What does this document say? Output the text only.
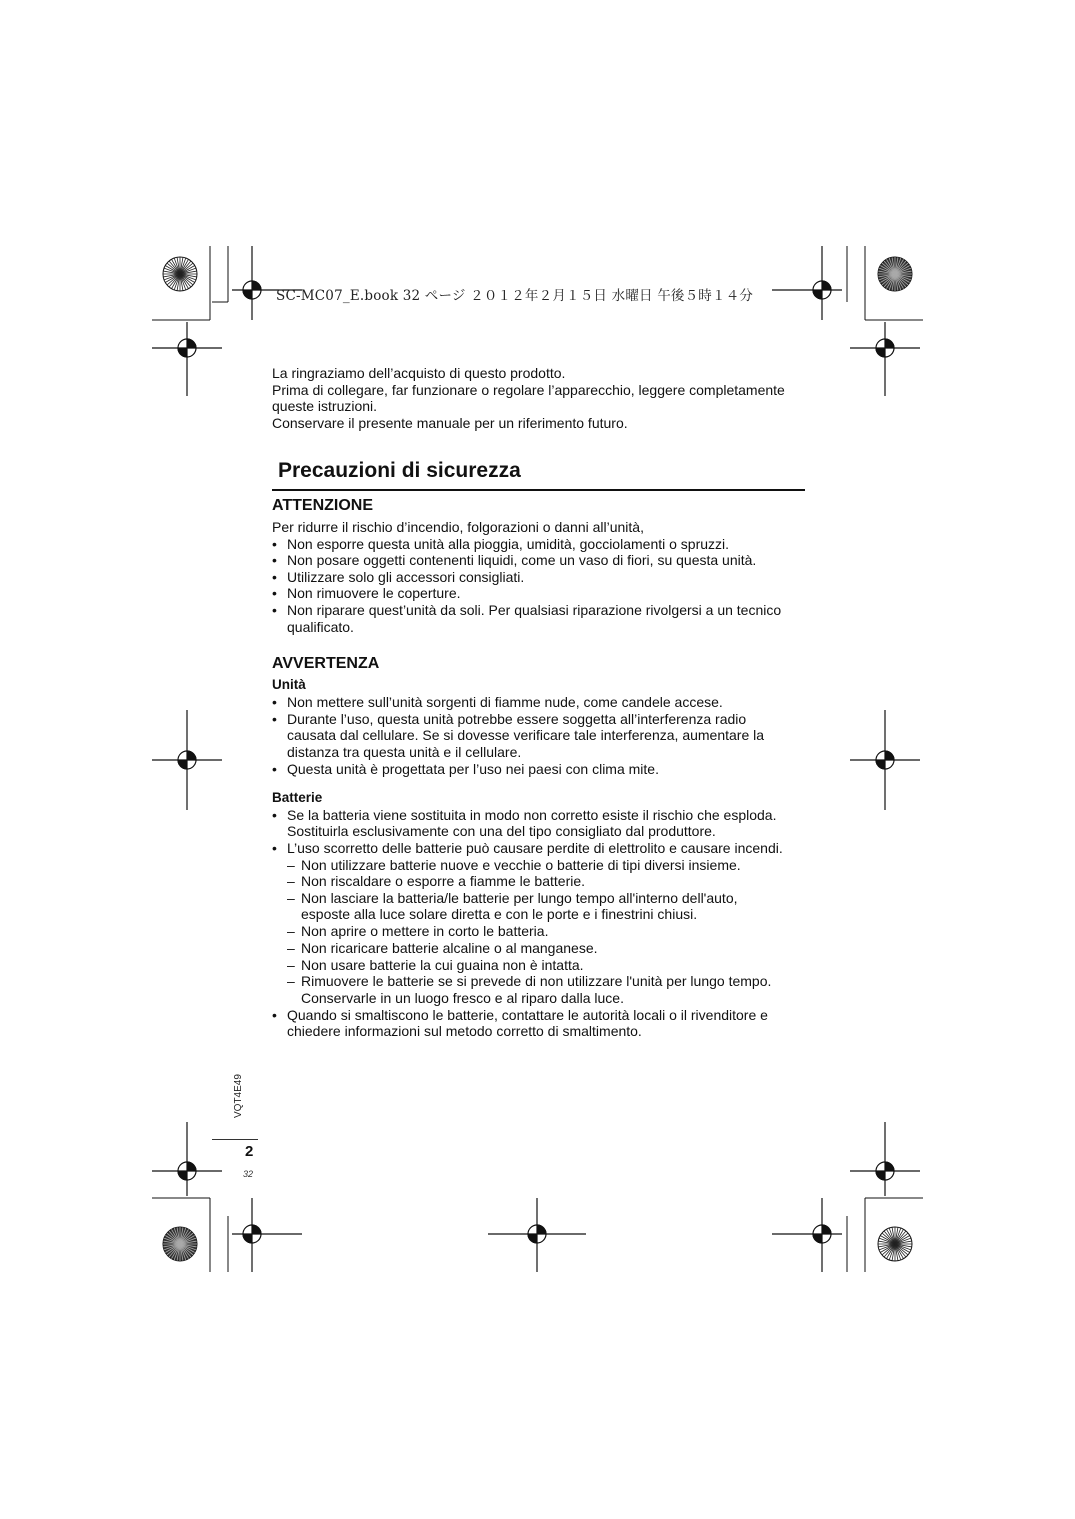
SC-MC07_E.book 32 ページ ２０１２年２月１５日 水曜日 午後５時１４分
La ringraziamo dell’acquisto di questo prodotto.
Prima di collegare, far funzionare o regolare l’apparecchio, leggere completamente
queste istruzioni.
Conservare il presente manuale per un riferimento futuro.
Precauzioni di sicurezza
ATTENZIONE
Per ridurre il rischio d’incendio, folgorazioni o danni all’unità,
• Non esporre questa unità alla pioggia, umidità, gocciolamenti o spruzzi.
• Non posare oggetti contenenti liquidi, come un vaso di fiori, su questa unità.
• Utilizzare solo gli accessori consigliati.
• Non rimuovere le coperture.
• Non riparare quest’unità da soli. Per qualsiasi riparazione rivolgersi a un tecnico
qualificato.
AVVERTENZA
Unità
• Non mettere sull’unità sorgenti di fiamme nude, come candele accese.
• Durante l’uso, questa unità potrebbe essere soggetta all’interferenza radio
causata dal cellulare. Se si dovesse verificare tale interferenza, aumentare la
distanza tra questa unità e il cellulare.
• Questa unità è progettata per l’uso nei paesi con clima mite.
Batterie
• Se la batteria viene sostituita in modo non corretto esiste il rischio che esploda.
Sostituirla esclusivamente con una del tipo consigliato dal produttore.
• L’uso scorretto delle batterie può causare perdite di elettrolito e causare incendi.
– Non utilizzare batterie nuove e vecchie o batterie di tipi diversi insieme.
– Non riscaldare o esporre a fiamme le batterie.
– Non lasciare la batteria/le batterie per lungo tempo all'interno dell'auto,
esposte alla luce solare diretta e con le porte e i finestrini chiusi.
– Non aprire o mettere in corto le batteria.
– Non ricaricare batterie alcaline o al manganese.
– Non usare batterie la cui guaina non è intatta.
– Rimuovere le batterie se si prevede di non utilizzare l'unità per lungo tempo.
Conservarle in un luogo fresco e al riparo dalla luce.
• Quando si smaltiscono le batterie, contattare le autorità locali o il rivenditore e
chiedere informazioni sul metodo corretto di smaltimento.
VQT4E49
2
32
